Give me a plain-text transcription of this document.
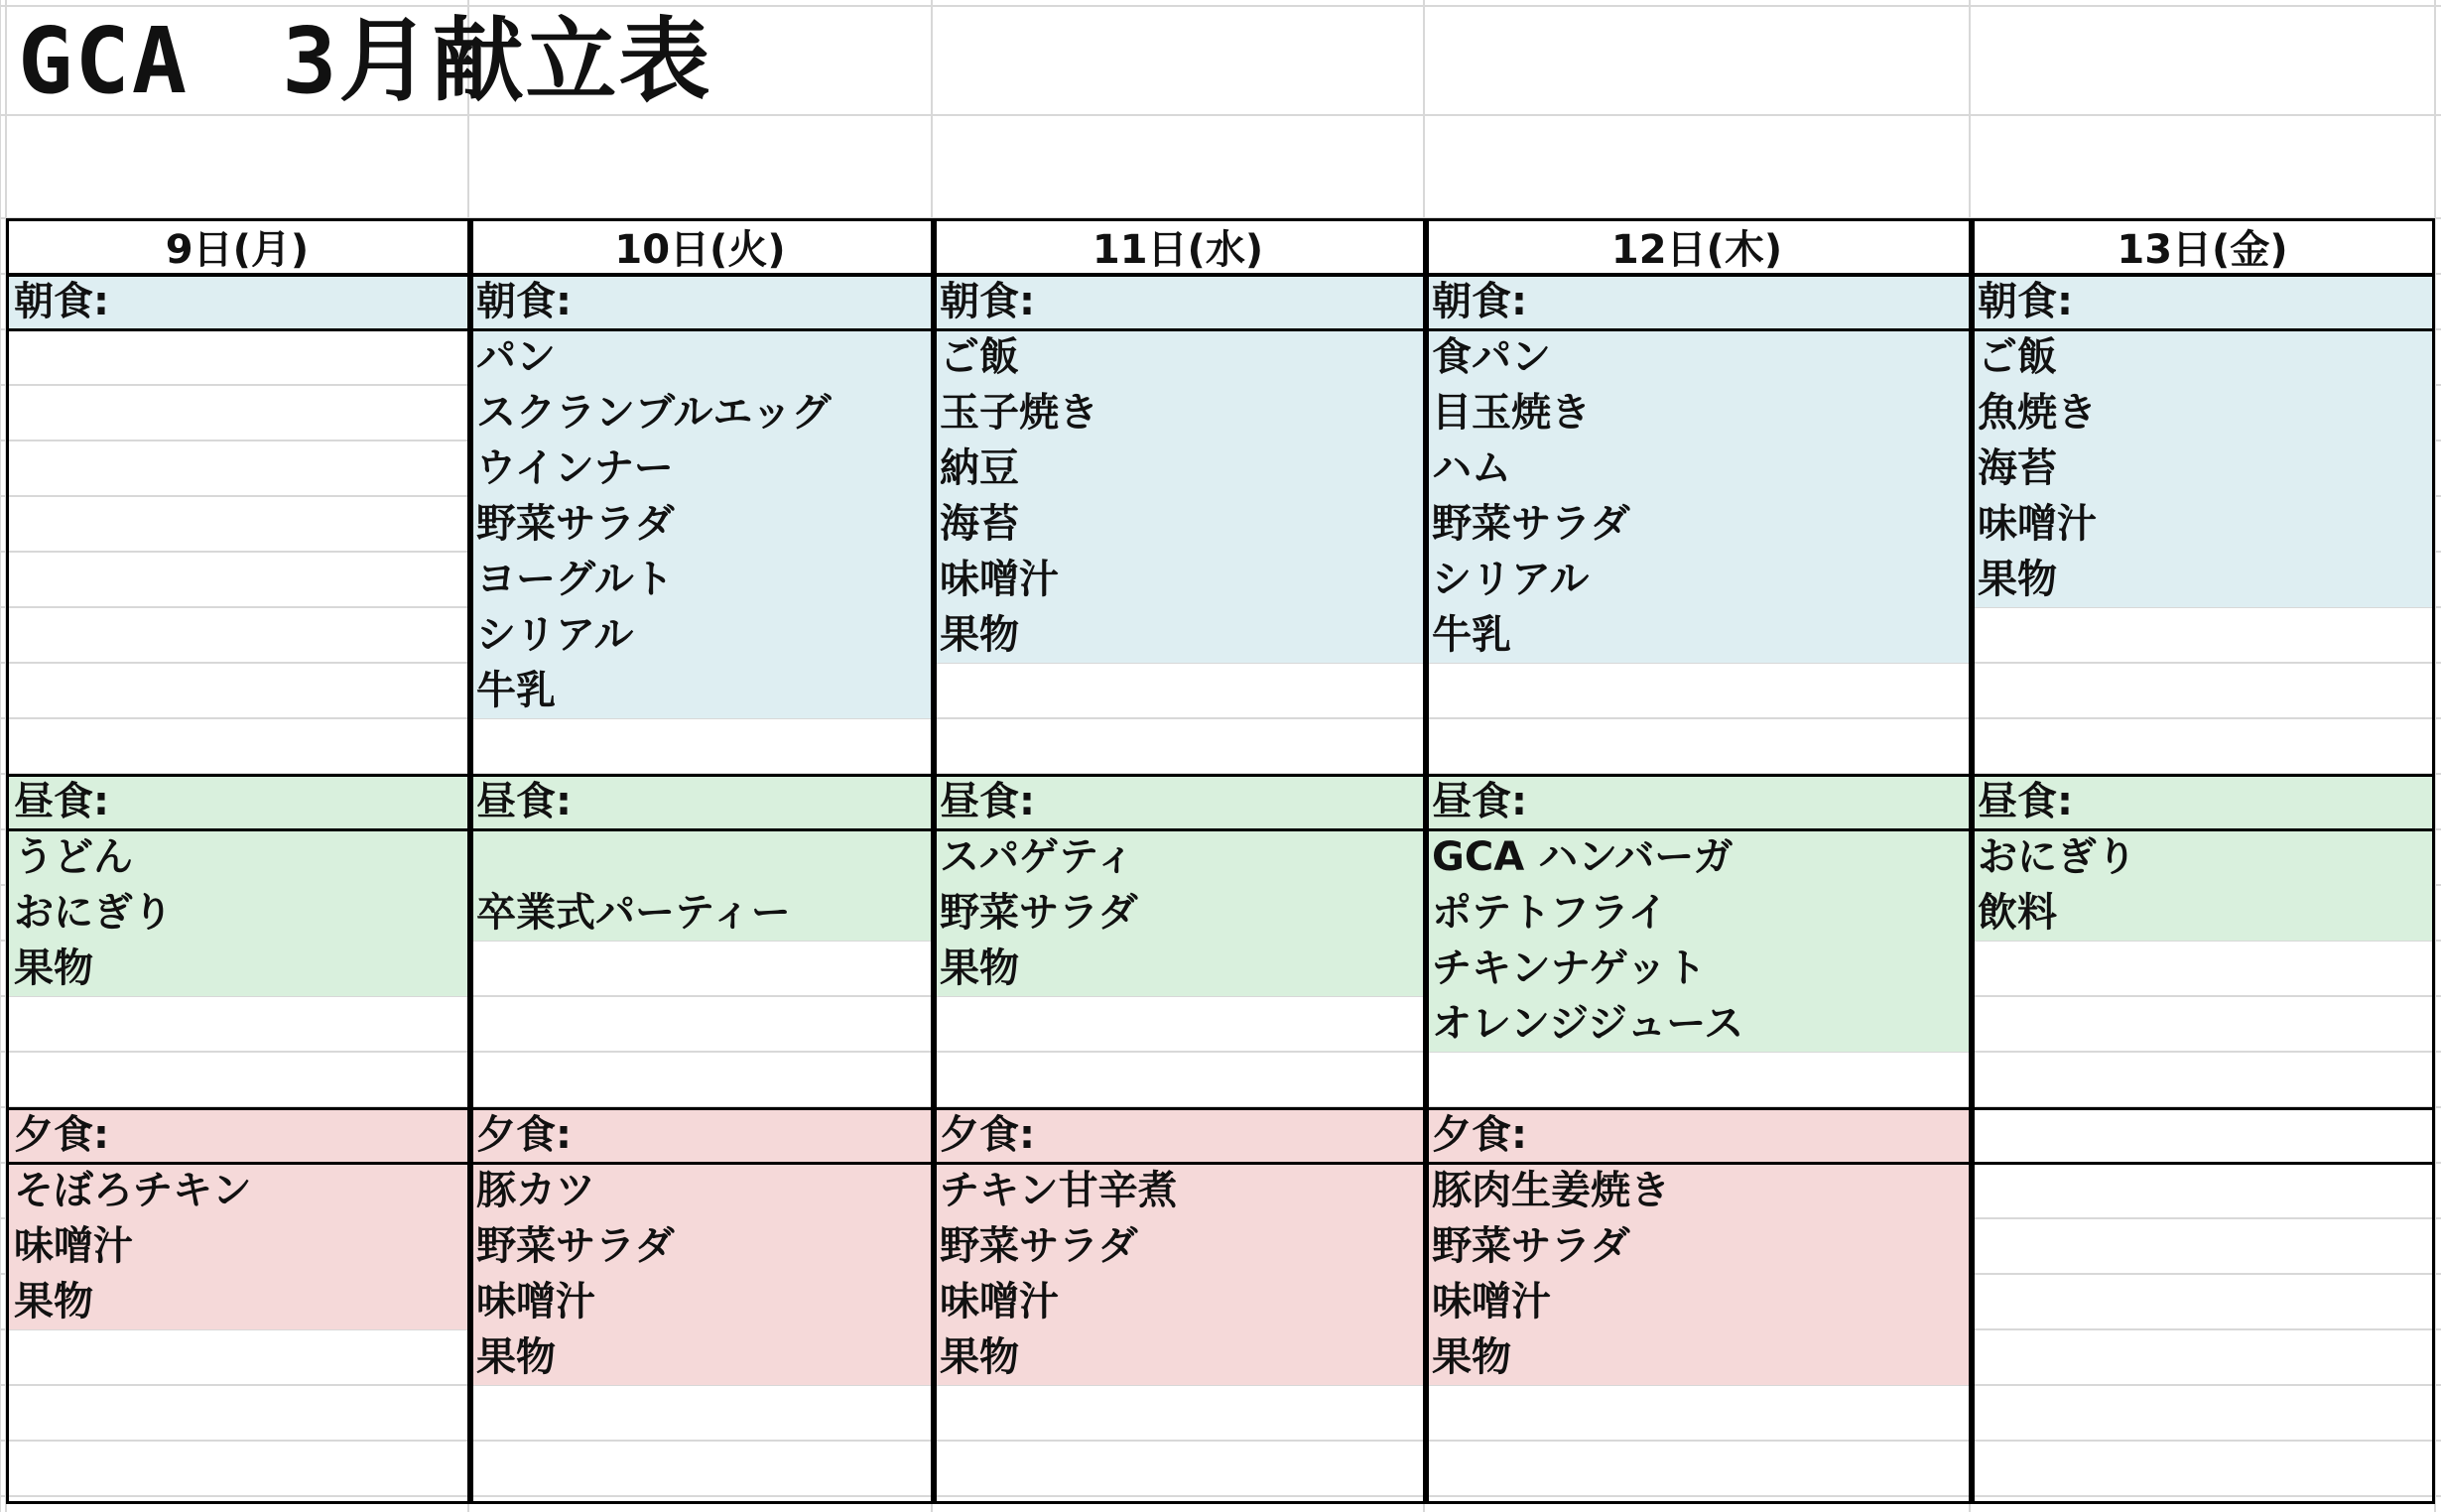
GCA　3月献立表
9日(月)
朝食:
昼食:
うどん
おにぎり
果物
夕食:
そぼろチキン
味噌汁
果物
10日(火)
朝食:
パン
スクランブルエッグ
ウインナー
野菜サラダ
ヨーグルト
シリアル
牛乳
昼食:
卒業式パーティー
夕食:
豚カツ
野菜サラダ
味噌汁
果物
11日(水)
朝食:
ご飯
玉子焼き
納豆
海苔
味噌汁
果物
昼食:
スパゲティ
野菜サラダ
果物
夕食:
チキン甘辛煮
野菜サラダ
味噌汁
果物
12日(木)
朝食:
食パン
目玉焼き
ハム
野菜サラダ
シリアル
牛乳
昼食:
GCA ハンバーガ
ポテトフライ
チキンナゲット
オレンジジュース
夕食:
豚肉生姜焼き
野菜サラダ
味噌汁
果物
13日(金)
朝食:
ご飯
魚焼き
海苔
味噌汁
果物
昼食:
おにぎり
飲料
